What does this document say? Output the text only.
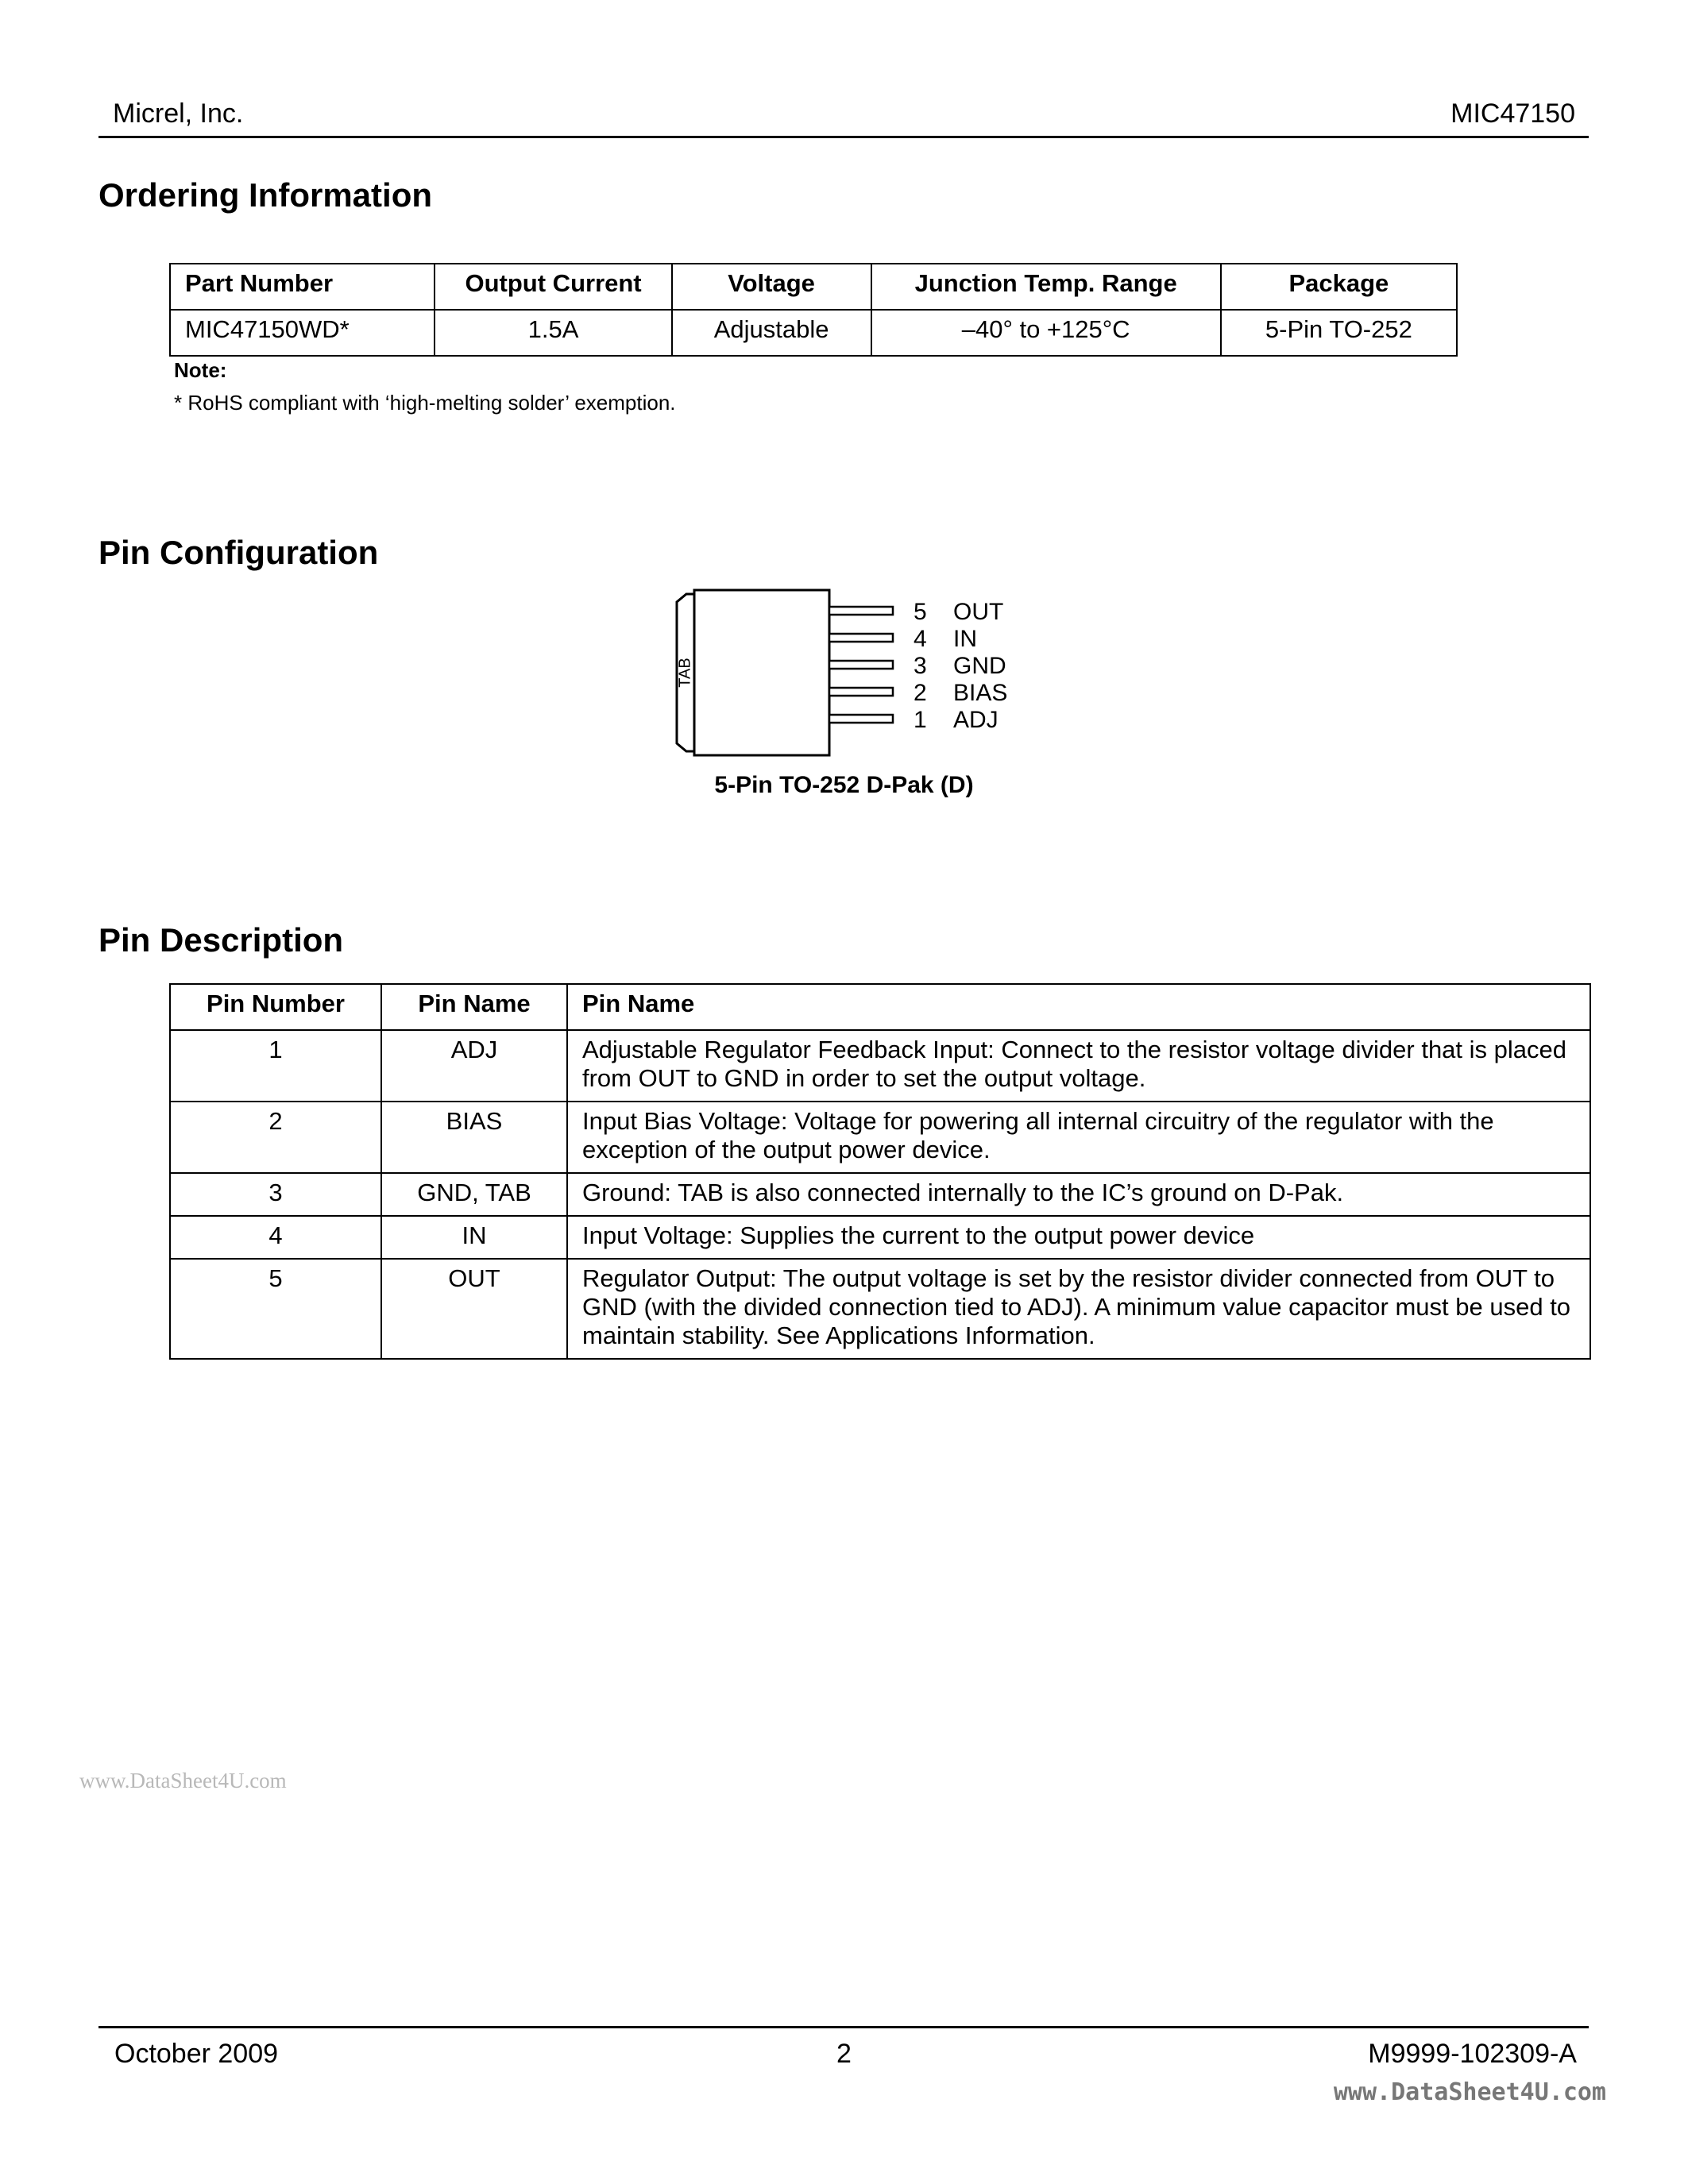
Micrel, Inc.	MIC47150
Ordering Information
Part Number	Output Current	Voltage	Junction Temp. Range	Package
MIC47150WD*	1.5A	Adjustable	–40° to +125°C	5-Pin TO-252
Note:
* RoHS compliant with ‘high-melting solder’ exemption.
Pin Configuration
TAB
5 OUT
4 IN
3 GND
2 BIAS
1 ADJ
5-Pin TO-252 D-Pak (D)
Pin Description
Pin Number	Pin Name	Pin Name
1	ADJ	Adjustable Regulator Feedback Input: Connect to the resistor voltage divider that is placed from OUT to GND in order to set the output voltage.
2	BIAS	Input Bias Voltage: Voltage for powering all internal circuitry of the regulator with the exception of the output power device.
3	GND, TAB	Ground: TAB is also connected internally to the IC’s ground on D-Pak.
4	IN	Input Voltage: Supplies the current to the output power device
5	OUT	Regulator Output: The output voltage is set by the resistor divider connected from OUT to GND (with the divided connection tied to ADJ). A minimum value capacitor must be used to maintain stability. See Applications Information.
www.DataSheet4U.com
October 2009	2	M9999-102309-A
www.DataSheet4U.com
